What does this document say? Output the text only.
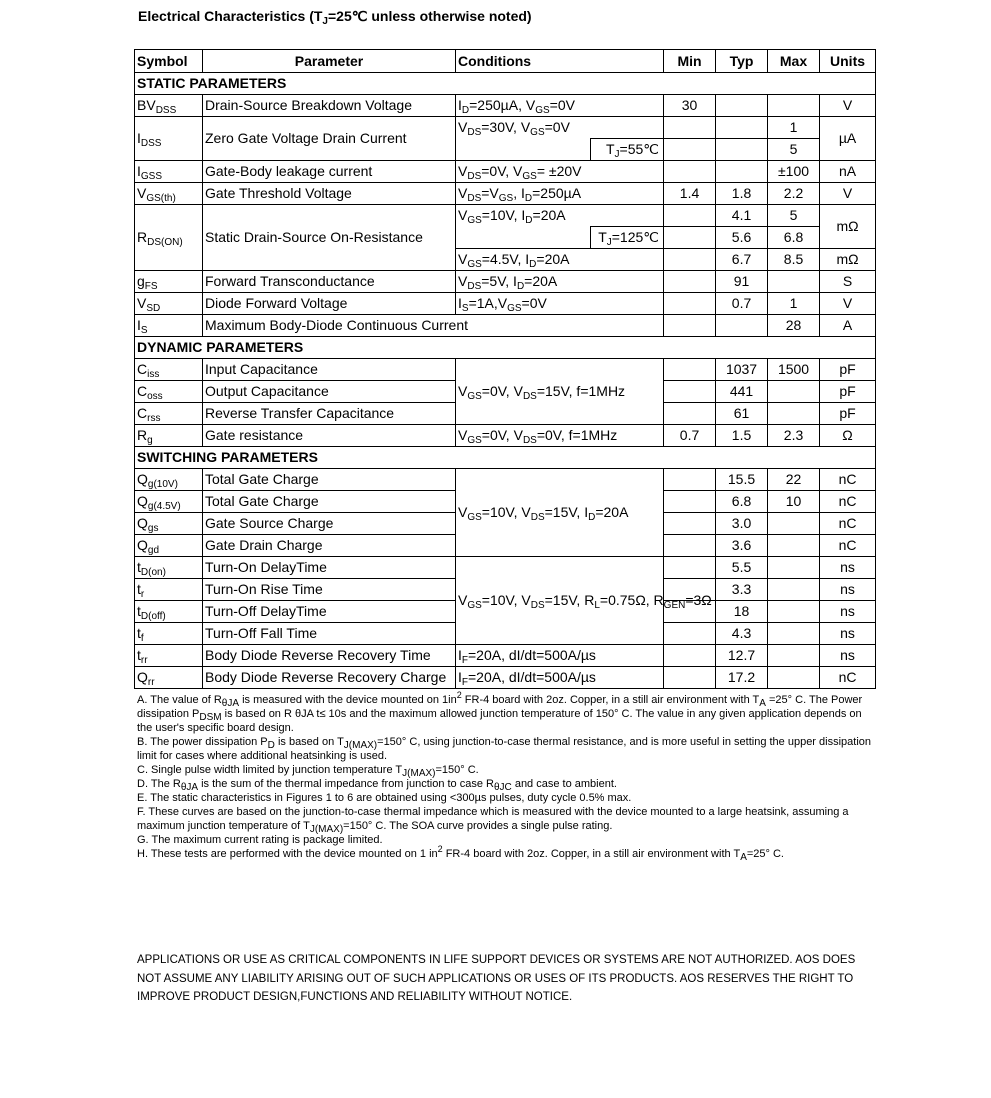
Electrical Characteristics ($T_J=25℃$ unless otherwise noted)
Symbol	Parameter	Conditions		Min	Typ	Max	Units
STATIC PARAMETERS							
$BV_{DSS}$	Drain-Source Breakdown Voltage	$I_D=250\mu A$, $V_{GS}=0V$		30			V
$I_{DSS}$	Zero Gate Voltage Drain Current	$V_{DS}=30V$, $V_{GS}=0V$				1	µA
			$T_J=55℃$			5	
$I_{GSS}$	Gate-Body leakage current	$V_{DS}=0V$, $V_{GS}= \pm 20V$				±100	nA
$V_{GS(th)}$	Gate Threshold Voltage	$V_{DS}=V_{GS}$, $I_D=250\mu A$		1.4	1.8	2.2	V
$R_{DS(ON)}$	Static Drain-Source On-Resistance	$V_{GS}=10V$, $I_D=20A$			4.1	5	mΩ
			$T_J=125℃$		5.6	6.8	
		$V_{GS}=4.5V$, $I_D=20A$			6.7	8.5	mΩ
$g_{FS}$	Forward Transconductance	$V_{DS}=5V$, $I_D=20A$			91		S
$V_{SD}$	Diode Forward Voltage	$I_S=1A,V_{GS}=0V$			0.7	1	V
$I_S$	Maximum Body-Diode Continuous Current					28	A
DYNAMIC PARAMETERS							
$C_{iss}$	Input Capacitance	$V_{GS}=0V$, $V_{DS}=15V$, f=1MHz			1037	1500	pF
$C_{oss}$	Output Capacitance				441		pF
$C_{rss}$	Reverse Transfer Capacitance				61		pF
$R_g$	Gate resistance	$V_{GS}=0V$, $V_{DS}=0V$, f=1MHz		0.7	1.5	2.3	Ω
SWITCHING PARAMETERS							
$Q_{g(10V)}$	Total Gate Charge	$V_{GS}=10V$, $V_{DS}=15V$, $I_D=20A$			15.5	22	nC
$Q_{g(4.5V)}$	Total Gate Charge				6.8	10	nC
$Q_{gs}$	Gate Source Charge				3.0		nC
$Q_{gd}$	Gate Drain Charge				3.6		nC
$t_{D(on)}$	Turn-On DelayTime	$V_{GS}=10V$, $V_{DS}=15V$, $R_L=0.75\Omega$, $R_{GEN}=3\Omega$			5.5		ns
$t_r$	Turn-On Rise Time				3.3		ns
$t_{D(off)}$	Turn-Off DelayTime				18		ns
$t_f$	Turn-Off Fall Time				4.3		ns
$t_{rr}$	Body Diode Reverse Recovery Time	$I_F=20A$, dI/dt=500A/µs			12.7		ns
$Q_{rr}$	Body Diode Reverse Recovery Charge	$I_F=20A$, dI/dt=500A/µs			17.2		nC

A. The value of $R_{\theta JA}$ is measured with the device mounted on $1in^2$ FR-4 board with 2oz. Copper, in a still air environment with $T_A =25^\circ$ C. The Power dissipation $P_{DSM}$ is based on R θJA t≤ 10s and the maximum allowed junction temperature of 150° C. The value in any given application depends on the user's specific board design.

B. The power dissipation $P_D$ is based on $T_{J(MAX)}=150^\circ$ C, using junction-to-case thermal resistance, and is more useful in setting the upper dissipation limit for cases where additional heatsinking is used.

C. Single pulse width limited by junction temperature $T_{J(MAX)}=150^\circ$ C.

D. The $R_{\theta JA}$ is the sum of the thermal impedance from junction to case $R_{\theta JC}$ and case to ambient.

E. The static characteristics in Figures 1 to 6 are obtained using <300µs pulses, duty cycle 0.5% max.

F. These curves are based on the junction-to-case thermal impedance which is measured with the device mounted to a large heatsink, assuming a maximum junction temperature of $T_{J(MAX)}=150^\circ$ C. The SOA curve provides a single pulse rating.

G. The maximum current rating is package limited.

H. These tests are performed with the device mounted on 1 $in^2$ FR-4 board with 2oz. Copper, in a still air environment with $T_A=25^\circ$ C.

APPLICATIONS OR USE AS CRITICAL COMPONENTS IN LIFE SUPPORT DEVICES OR SYSTEMS ARE NOT AUTHORIZED. AOS DOES NOT ASSUME ANY LIABILITY ARISING OUT OF SUCH APPLICATIONS OR USES OF ITS PRODUCTS. AOS RESERVES THE RIGHT TO IMPROVE PRODUCT DESIGN,FUNCTIONS AND RELIABILITY WITHOUT NOTICE.
